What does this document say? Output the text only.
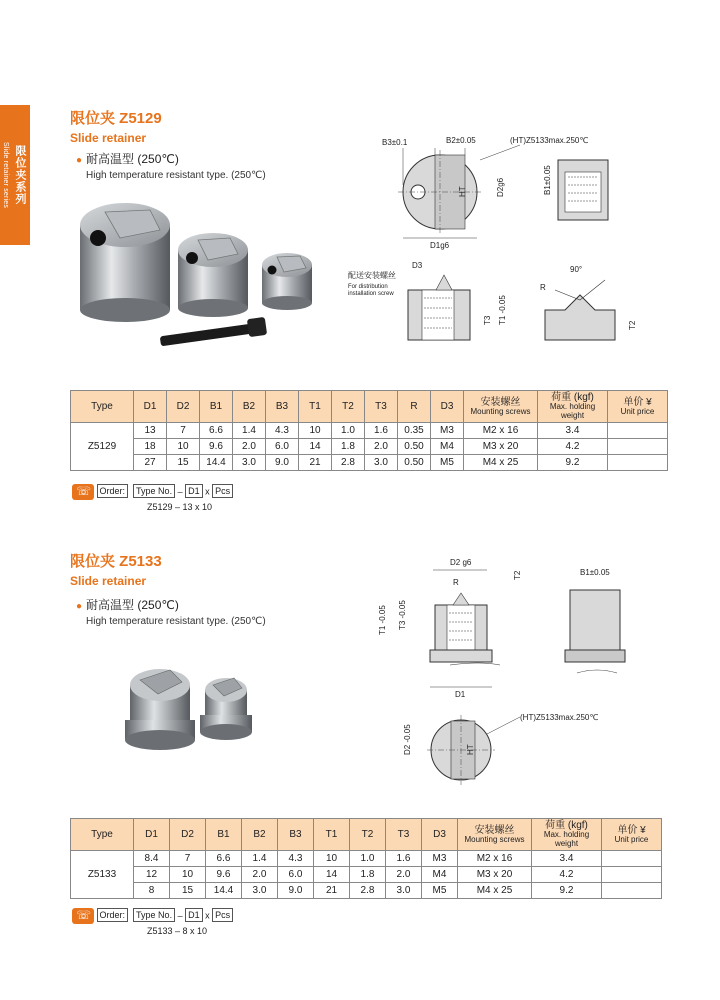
Slide retainer series 限位夹系列
限位夹 Z5129
Slide retainer
● 耐高温型 (250℃)
High temperature resistant type. (250℃)
HT
B3±0.1	B2±0.05	(HT)Z5133max.250℃
D1g6
D2g6	B1±0.05
配送安装螺丝
For distribution
installation screw
D3
T3 T1 -0.05
90°
R
T2
Type	D1	D2	B1	B2	B3	T1	T2	T3	R	D3	安装螺丝
Mounting screws	荷重 (kgf)
Max. holding weight	单价 ¥
Unit price

Z5129	13	7	6.6	1.4	4.3	10	1.0	1.6	0.35	M3	M2 x 16	3.4	
	18	10	9.6	2.0	6.0	14	1.8	2.0	0.50	M4	M3 x 20	4.2	
	27	15	14.4	3.0	9.0	21	2.8	3.0	0.50	M5	M4 x 25	9.2	
☏ Order: Type No. – D1 x Pcs
Z5129 – 13 x 10
限位夹 Z5133
Slide retainer
● 耐高温型 (250℃)
High temperature resistant type. (250℃)
D2 g6
R
T2
T1 -0.05 T3 -0.05
D1
B1±0.05
(HT)Z5133max.250℃
HT
D2 -0.05
Type	D1	D2	B1	B2	B3	T1	T2	T3	D3	安装螺丝
Mounting screws	荷重 (kgf)
Max. holding weight	单价 ¥
Unit price

Z5133	8.4	7	6.6	1.4	4.3	10	1.0	1.6	M3	M2 x 16	3.4	
	12	10	9.6	2.0	6.0	14	1.8	2.0	M4	M3 x 20	4.2	
	8	15	14.4	3.0	9.0	21	2.8	3.0	M5	M4 x 25	9.2	
☏ Order: Type No. – D1 x Pcs
Z5133 – 8 x 10
